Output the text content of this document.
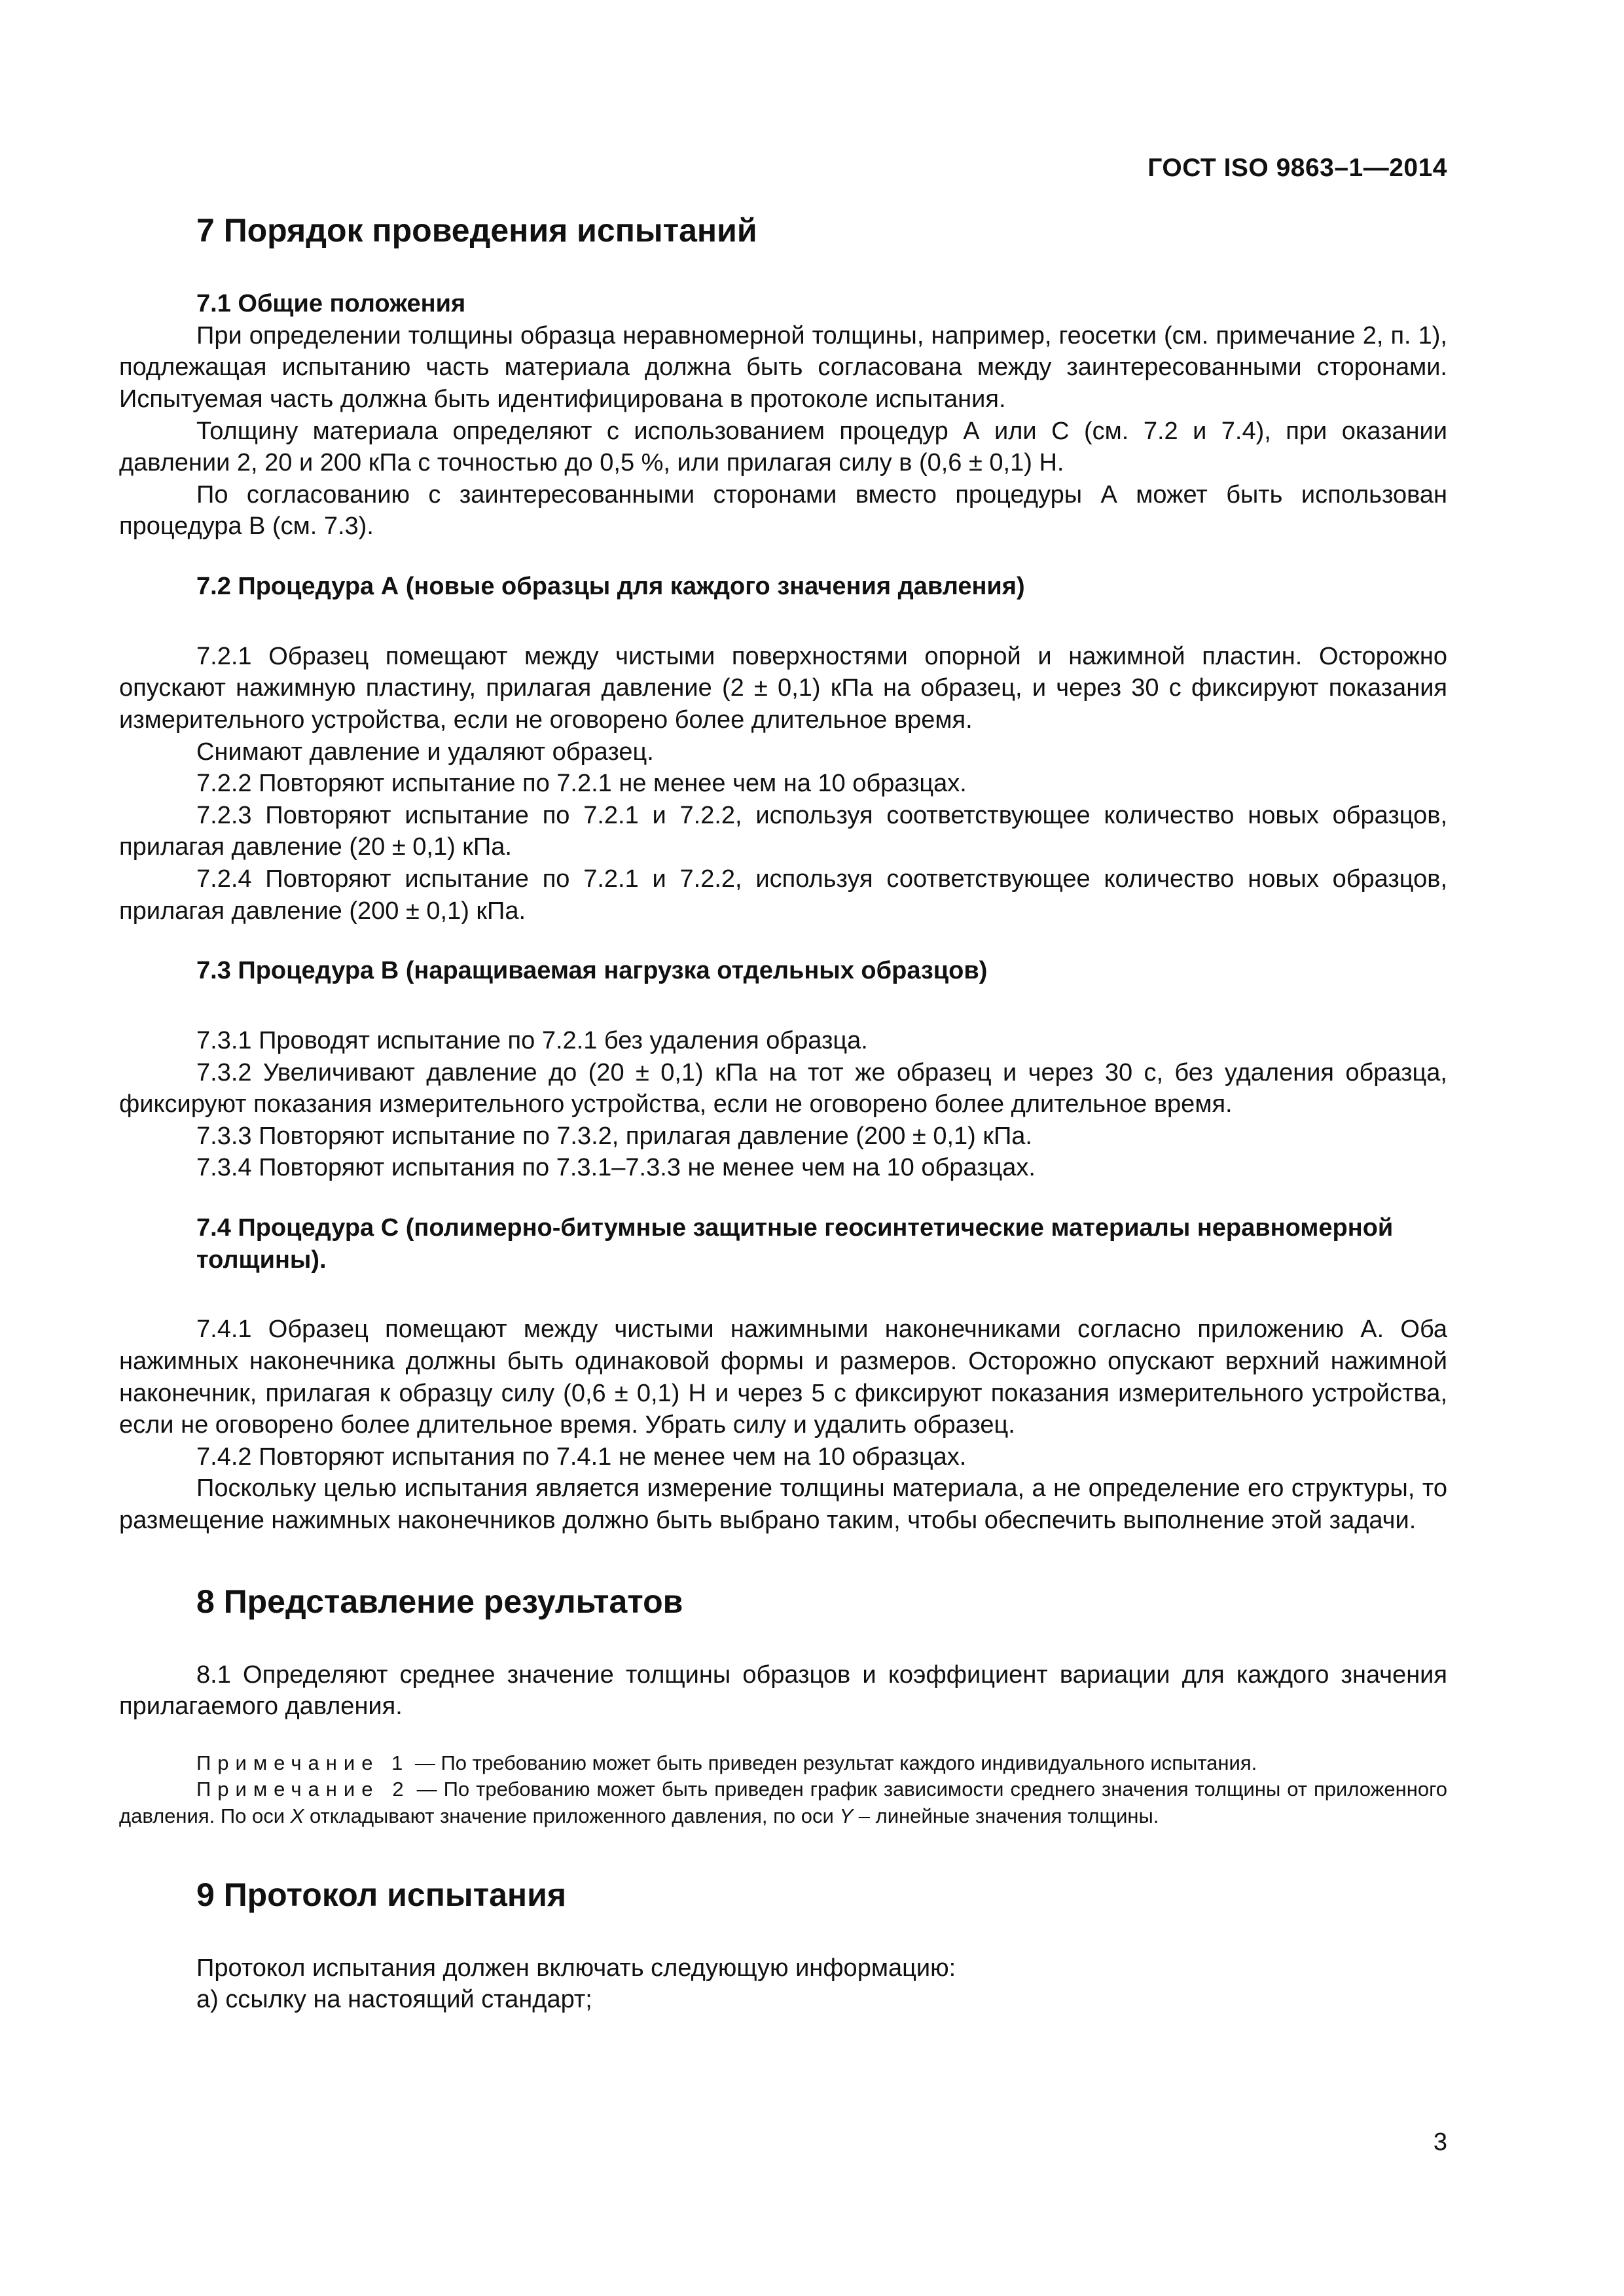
ГОСТ ISO 9863–1—2014
7 Порядок проведения испытаний
7.1 Общие положения

При определении толщины образца неравномерной толщины, например, геосетки (см. примечание 2, п. 1), подлежащая испытанию часть материала должна быть согласована между заинтересованными сторонами. Испытуемая часть должна быть идентифицирована в протоколе испытания.

Толщину материала определяют с использованием процедур А или С (см. 7.2 и 7.4), при оказании давлении 2, 20 и 200 кПа с точностью до 0,5 %, или прилагая силу в (0,6 ± 0,1) Н.

По согласованию с заинтересованными сторонами вместо процедуры А может быть использован процедура В (см. 7.3).

7.2 Процедура А (новые образцы для каждого значения давления)

7.2.1 Образец помещают между чистыми поверхностями опорной и нажимной пластин. Осторожно опускают нажимную пластину, прилагая давление (2 ± 0,1) кПа на образец, и через 30 с фиксируют показания измерительного устройства, если не оговорено более длительное время.

Снимают давление и удаляют образец.

7.2.2 Повторяют испытание по 7.2.1 не менее чем на 10 образцах.

7.2.3 Повторяют испытание по 7.2.1 и 7.2.2, используя соответствующее количество новых образцов, прилагая давление (20 ± 0,1) кПа.

7.2.4 Повторяют испытание по 7.2.1 и 7.2.2, используя соответствующее количество новых образцов, прилагая давление (200 ± 0,1) кПа.

7.3 Процедура В (наращиваемая нагрузка отдельных образцов)

7.3.1 Проводят испытание по 7.2.1 без удаления образца.

7.3.2 Увеличивают давление до (20 ± 0,1) кПа на тот же образец и через 30 с, без удаления образца, фиксируют показания измерительного устройства, если не оговорено более длительное время.

7.3.3 Повторяют испытание по 7.3.2, прилагая давление (200 ± 0,1) кПа.

7.3.4 Повторяют испытания по 7.3.1–7.3.3 не менее чем на 10 образцах.

7.4 Процедура С (полимерно-битумные защитные геосинтетические материалы неравномерной толщины).

7.4.1 Образец помещают между чистыми нажимными наконечниками согласно приложению А. Оба нажимных наконечника должны быть одинаковой формы и размеров. Осторожно опускают верхний нажимной наконечник, прилагая к образцу силу (0,6 ± 0,1) Н и через 5 с фиксируют показания измерительного устройства, если не оговорено более длительное время. Убрать силу и удалить образец.

7.4.2 Повторяют испытания по 7.4.1 не менее чем на 10 образцах.

Поскольку целью испытания является измерение толщины материала, а не определение его структуры, то размещение нажимных наконечников должно быть выбрано таким, чтобы обеспечить выполнение этой задачи.

8 Представление результатов

8.1 Определяют среднее значение толщины образцов и коэффициент вариации для каждого значения прилагаемого давления.

Примечание 1 — По требованию может быть приведен результат каждого индивидуального испытания.

Примечание 2 — По требованию может быть приведен график зависимости среднего значения толщины от приложенного давления. По оси X откладывают значение приложенного давления, по оси Y – линейные значения толщины.

9 Протокол испытания

Протокол испытания должен включать следующую информацию:

а) ссылку на настоящий стандарт;

3
